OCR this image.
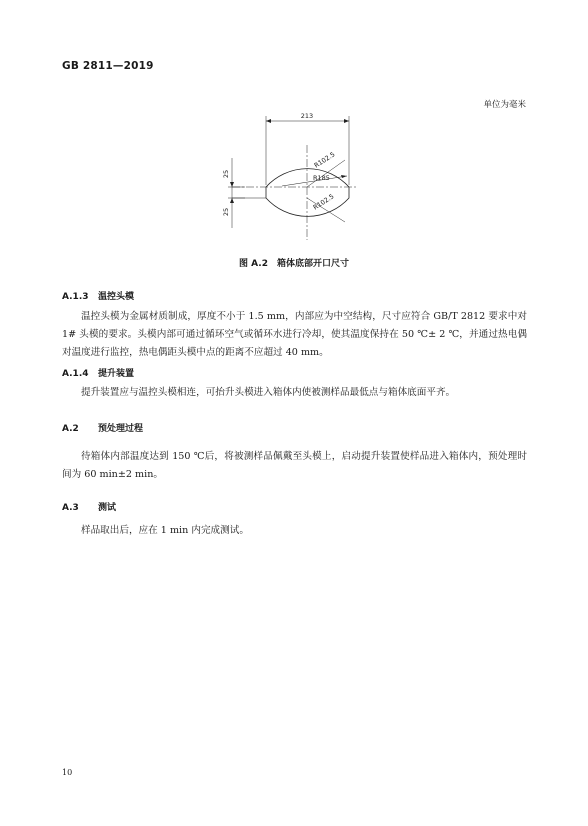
GB 2811—2019
单位为毫米
213
25
25
R102.5
R185
R102.5
图 A.2　箱体底部开口尺寸
A.1.3 温控头模
温控头模为金属材质制成，厚度不小于 1.5 mm，内部应为中空结构，尺寸应符合 GB/T 2812 要求中对 1# 头模的要求。头模内部可通过循环空气或循环水进行冷却，使其温度保持在 50 ℃± 2 ℃，并通过热电偶对温度进行监控，热电偶距头模中点的距离不应超过 40 mm。
A.1.4 提升装置
提升装置应与温控头模相连，可抬升头模进入箱体内使被测样品最低点与箱体底面平齐。
A.2 预处理过程
待箱体内部温度达到 150 ℃后，将被测样品佩戴至头模上，启动提升装置使样品进入箱体内，预处理时间为 60 min±2 min。
A.3 测试
样品取出后，应在 1 min 内完成测试。
10
